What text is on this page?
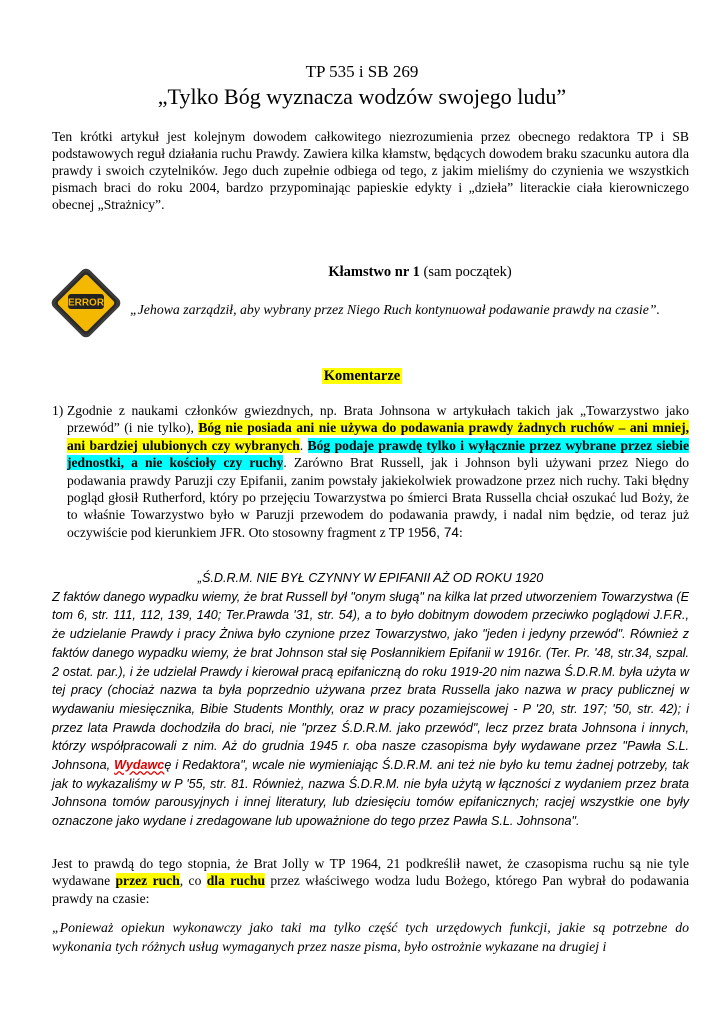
TP 535 i SB 269
„Tylko Bóg wyznacza wodzów swojego ludu”
Ten krótki artykuł jest kolejnym dowodem całkowitego niezrozumienia przez obecnego redaktora TP i SB podstawowych reguł działania ruchu Prawdy. Zawiera kilka kłamstw, będących dowodem braku szacunku autora dla prawdy i swoich czytelników. Jego duch zupełnie odbiega od tego, z jakim mieliśmy do czynienia we wszystkich pismach braci do roku 2004, bardzo przypominając papieskie edykty i „dzieła” literackie ciała kierowniczego obecnej „Strażnicy”.
ERROR
Kłamstwo nr 1 (sam początek)
„Jehowa zarządził, aby wybrany przez Niego Ruch kontynuował podawanie prawdy na czasie”.
Komentarze
1) Zgodnie z naukami członków gwiezdnych, np. Brata Johnsona w artykułach takich jak „Towarzystwo jako przewód” (i nie tylko), Bóg nie posiada ani nie używa do podawania prawdy żadnych ruchów – ani mniej, ani bardziej ulubionych czy wybranych. Bóg podaje prawdę tylko i wyłącznie przez wybrane przez siebie jednostki, a nie kościoły czy ruchy. Zarówno Brat Russell, jak i Johnson byli używani przez Niego do podawania prawdy Paruzji czy Epifanii, zanim powstały jakiekolwiek prowadzone przez nich ruchy. Taki błędny pogląd głosił Rutherford, który po przejęciu Towarzystwa po śmierci Brata Russella chciał oszukać lud Boży, że to właśnie Towarzystwo było w Paruzji przewodem do podawania prawdy, i nadal nim będzie, od teraz już oczywiście pod kierunkiem JFR. Oto stosowny fragment z TP 1956, 74:
„Ś.D.R.M. NIE BYŁ CZYNNY W EPIFANII AŻ OD ROKU 1920
Z faktów danego wypadku wiemy, że brat Russell był "onym sługą" na kilka lat przed utworzeniem Towarzystwa (E tom 6, str. 111, 112, 139, 140; Ter.Prawda '31, str. 54), a to było dobitnym dowodem przeciwko poglądowi J.F.R., że udzielanie Prawdy i pracy Żniwa było czynione przez Towarzystwo, jako "jeden i jedyny przewód". Również z faktów danego wypadku wiemy, że brat Johnson stał się Posłannikiem Epifanii w 1916r. (Ter. Pr. '48, str.34, szpal. 2 ostat. par.), i że udzielał Prawdy i kierował pracą epifaniczną do roku 1919-20 nim nazwa Ś.D.R.M. była użyta w tej pracy (chociaż nazwa ta była poprzednio używana przez brata Russella jako nazwa w pracy publicznej w wydawaniu miesięcznika, Bibie Students Monthly, oraz w pracy pozamiejscowej - P '20, str. 197; '50, str. 42); i przez lata Prawda dochodziła do braci, nie "przez Ś.D.R.M. jako przewód", lecz przez brata Johnsona i innych, którzy współpracowali z nim. Aż do grudnia 1945 r. oba nasze czasopisma były wydawane przez "Pawła S.L. Johnsona, Wydawcę i Redaktora", wcale nie wymieniając Ś.D.R.M. ani też nie było ku temu żadnej potrzeby, tak jak to wykazaliśmy w P '55, str. 81. Również, nazwa Ś.D.R.M. nie była użytą w łączności z wydaniem przez brata Johnsona tomów parousyjnych i innej literatury, lub dziesięciu tomów epifanicznych; racjej wszystkie one były oznaczone jako wydane i zredagowane lub upoważnione do tego przez Pawła S.L. Johnsona".
Jest to prawdą do tego stopnia, że Brat Jolly w TP 1964, 21 podkreślił nawet, że czasopisma ruchu są nie tyle wydawane przez ruch, co dla ruchu przez właściwego wodza ludu Bożego, którego Pan wybrał do podawania prawdy na czasie:
„Ponieważ opiekun wykonawczy jako taki ma tylko część tych urzędowych funkcji, jakie są potrzebne do wykonania tych różnych usług wymaganych przez nasze pisma, było ostrożnie wykazane na drugiej i
